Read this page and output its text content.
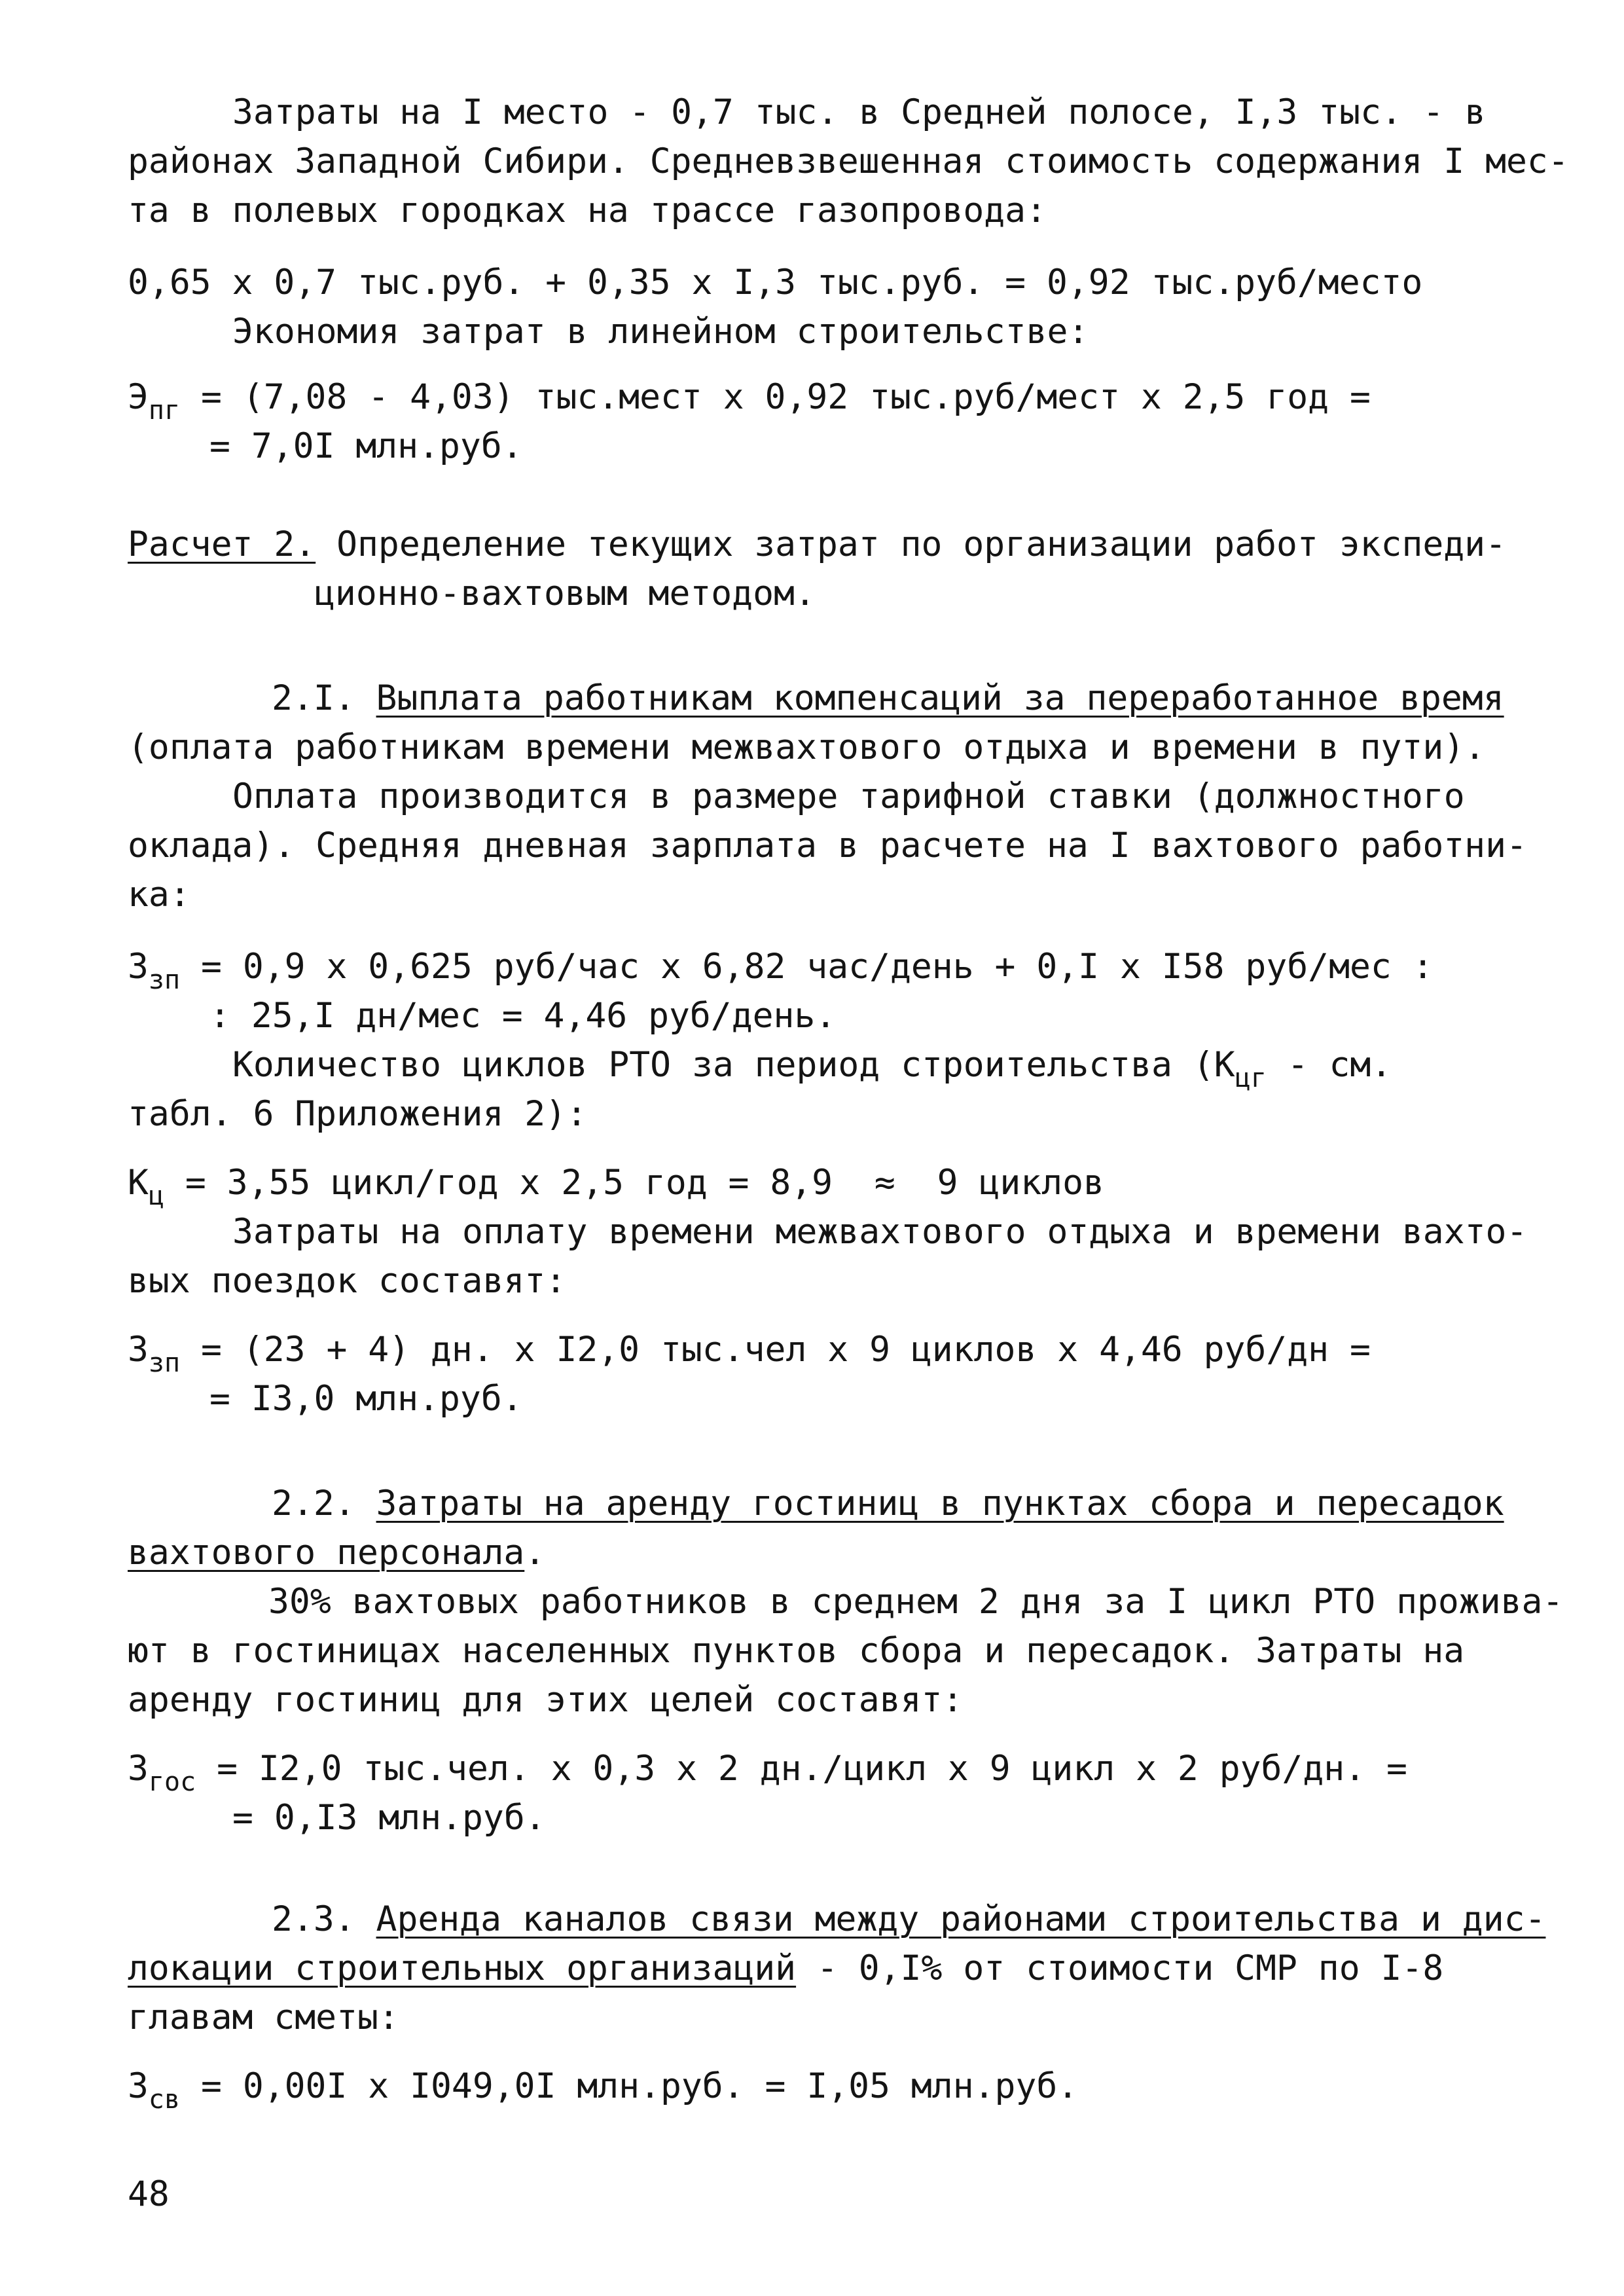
Затраты на I место - 0,7 тыс. в Средней полосе, I,3 тыс. - в
районах Западной Сибири. Средневзвешенная стоимость содержания I мес-
та в полевых городках на трассе газопровода:
0,65 x 0,7 тыс.руб. + 0,35 x I,3 тыс.руб. = 0,92 тыс.руб/место
Экономия затрат в линейном строительстве:
$Э_{пг} = (7,08 - 4,03)$ тыс.мест x 0,92 тыс.руб/мест x 2,5 год =
= 7,0I млн.руб.
Расчет 2. Определение текущих затрат по организации работ экспеди-
ционно-вахтовым методом.
2.I. Выплата работникам компенсаций за переработанное время
(оплата работникам времени межвахтового отдыха и времени в пути).
Оплата производится в размере тарифной ставки (должностного
оклада). Средняя дневная зарплата в расчете на I вахтового работни-
ка:
$З_{зп} = 0,9$ x 0,625 руб/час x 6,82 час/день + 0,I x I58 руб/мес :
: 25,I дн/мес = 4,46 руб/день.
Количество циклов РТО за период строительства ($К_{цг}$ - см.
табл. 6 Приложения 2):
$К_ц = 3,55$ цикл/год x 2,5 год = 8,9  ≈  9 циклов
Затраты на оплату времени межвахтового отдыха и времени вахто-
вых поездок составят:
$З_{зп} = (23 + 4)$ дн. x I2,0 тыс.чел x 9 циклов x 4,46 руб/дн =
= I3,0 млн.руб.
2.2. Затраты на аренду гостиниц в пунктах сбора и пересадок
вахтового персонала.
30% вахтовых работников в среднем 2 дня за I цикл РТО прожива-
ют в гостиницах населенных пунктов сбора и пересадок. Затраты на
аренду гостиниц для этих целей составят:
$З_{гос} = I2,0$ тыс.чел. x 0,3 x 2 дн./цикл x 9 цикл x 2 руб/дн. =
= 0,I3 млн.руб.
2.3. Аренда каналов связи между районами строительства и дис-
локации строительных организаций - 0,I% от стоимости СМР по I-8
главам сметы:
$З_{св} = 0,00I$ x I049,0I млн.руб. = I,05 млн.руб.
48
